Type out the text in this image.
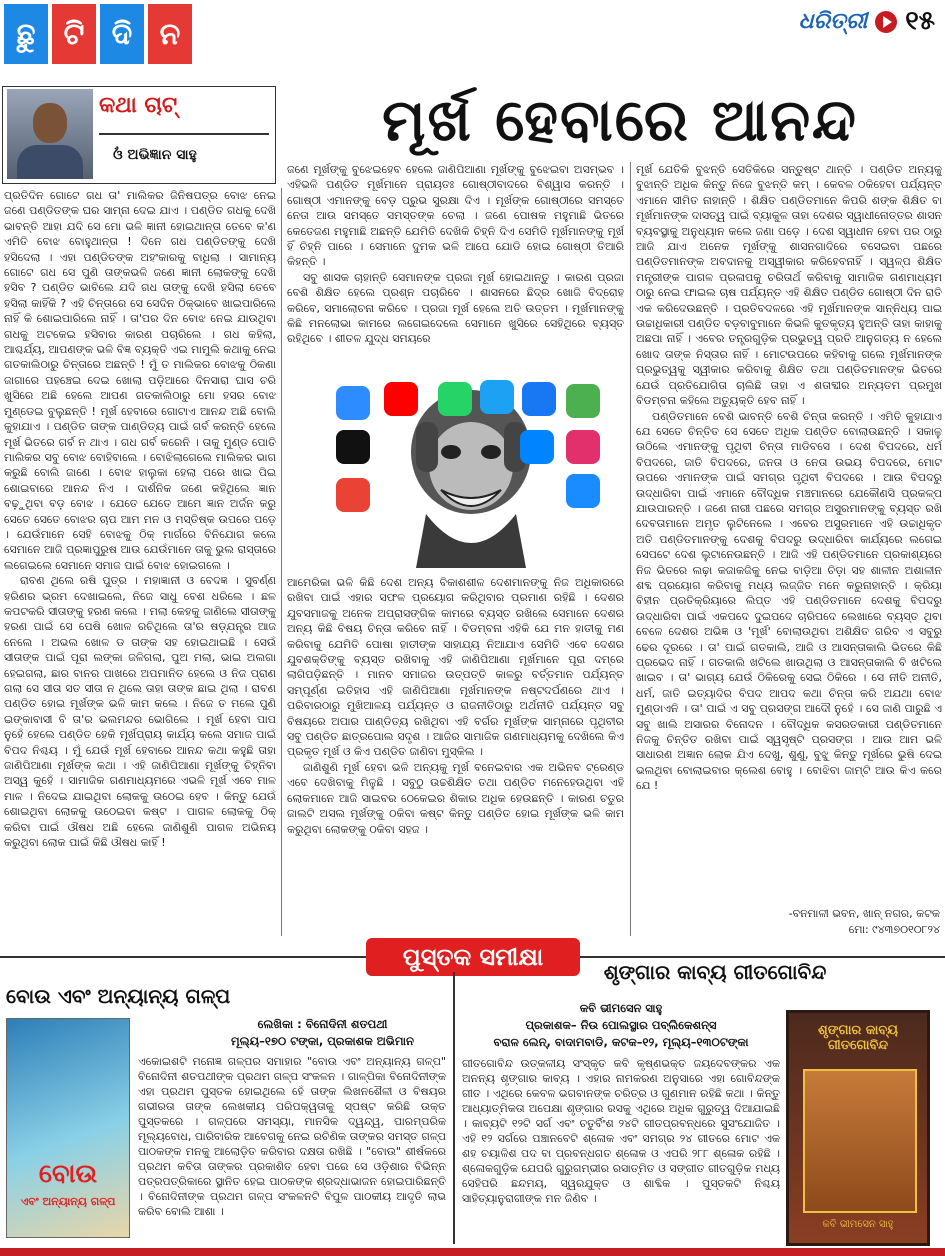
ଛୁ ଟି ଦି ନ	ଧରିତ୍ରୀ ୧୫
କଥା ଚାଟ୍
ଓଁ ଅଭିଜ୍ଞାନ ସାହୁ
ମୂର୍ଖ ହେବାରେ ଆନନ୍ଦ

ପ୍ରତିଦିନ ଗୋଟେ ଗଧ ତା' ମାଲିକର ଜିନିଷପତ୍ର ବୋଝ ନେଇ ଜଣେ ପଣ୍ଡିତଙ୍କ ଘର ସାମ୍ନା ଦେଇ ଯାଏ । ପଣ୍ଡିତ ଗଧକୁ ଦେଖି ଭାବନ୍ତି ଆହା ଯଦି ସେ ମୋ ଭଳି ଜ୍ଞାନୀ ହୋଇଥାନ୍ତା ତେବେ କ'ଣ ଏମିତି ବୋଝ ବୋହୁଥାନ୍ତା ! ଦିନେ ଗଧ ପଣ୍ଡିତଙ୍କୁ ଦେଖି ହସିଦେଲା । ଏହା ପଣ୍ଡିତଙ୍କ ଅହଂକାରକୁ ବାଧିଲା । ସାମାନ୍ୟ ଗୋଟେ ଗଧ ସେ ପୁଣି ତାଙ୍କଭଳି ଜଣେ ଜ୍ଞାନୀ ଲୋକଙ୍କୁ ଦେଖି ହସିବ ? ପଣ୍ଡିତ ଭାବିଲେ ଯଦି ଗଧ ତାଙ୍କୁ ଦେଖି ହସିଲା ତେବେ ହସିଲା କାହିଁକି ? ଏହି ଚିନ୍ତାରେ ସେ ସେଦିନ ଠିକ୍‌ଭାବେ ଖାଇପାରିଲେ ନାହିଁ କି ଶୋଇପାରିଲେ ନାହିଁ । ତା'ପର ଦିନ ବୋଝ ନେଇ ଯାଉଥିବା ଗଧକୁ ଅଟକେଇ ହସିବାର କାରଣ ପଚାରିଲେ । ଗଧ କହିଲା, ଆଶ୍ଚର୍ଯ୍ୟ, ଆପଣଙ୍କ ଭଳି ବିଜ୍ଞ ବ୍ୟକ୍ତି ଏଇ ମାମୁଲି କଥାକୁ ନେଇ ଗତକାଲିଠାରୁ ଚିନ୍ତାରେ ଅଛନ୍ତି ! ମୁଁ ତ ମାଲିକର ବୋଝକୁ ଠିକଣା ଜାଗାରେ ପହଞ୍ଚେଇ ଦେଇ ଖୋଲା ପଡ଼ିଆରେ ଦିନସାରା ଘାସ ଚରି ଖୁସିରେ ଅଛି ହେଲେ ଆପଣ ଗତକାଲିଠାରୁ ମୋ ହସର ବୋଝ ମୁଣ୍ଡେଇ ବୁଲୁଛନ୍ତି ! ମୂର୍ଖ ହେବାରେ ଗୋଟାଏ ଆନନ୍ଦ ଅଛି ବୋଲି କୁହାଯାଏ । ପଣ୍ଡିତ ତାଙ୍କ ପାଣ୍ଡିତ୍ୟ ପାଇଁ ଗର୍ବ କରନ୍ତି ହେଲେ ମୂର୍ଖ ଭିତରେ ଗର୍ବ ନ ଥାଏ । ଗଧ ଗର୍ବ କରେନି । ତାକୁ ମୁଣ୍ଡ ପୋତି ମାଲିକର ସବୁ ବୋଝ ବୋହିବାଲେ । ବୋଝିଲାଗେଲେ ମାଲିକର ଭାଗ କରୁଛି ବୋଲି ଜାଣେ । ବୋଝ ହାଲୁକା ହେଲା ପରେ ଖାଇ ପିଇ ଶୋଇବାରେ ଆନନ୍ଦ ନିଏ । ଦାର୍ଶନିକ ଜଣେ କହିଥିଲେ ଜ୍ଞାନ ବଢ଼ୁଥିବା ବଡ଼ ବୋଝ । ଯେତେ ଯେତେ ଆମେ ଜ୍ଞାନ ଅର୍ଜନ କରୁ ସେତେ ସେତେ ବୋଝର ଚାପ ଆମ ମନ ଓ ମସ୍ତିଷ୍କ ଉପରେ ପଡ଼େ । ଯେଉଁମାନେ ସେହି ବୋଝକୁ ଠିକ୍ ମାର୍ଗରେ ବିନିଯୋଗ କଲେ ସେମାନେ ଆଜି ପ୍ରଜ୍ଞାପୁରୁଷ ଆଉ ଯେଉଁମାନେ ତାକୁ ଭୁଲ ରାସ୍ତାରେ ଲଗେଇଲେ ସେମାନେ ସମାଜ ପାଇଁ ବୋଝ ହୋଇଗଲେ ।

ରାବଣ ଥିଲେ ରଷି ପୁତ୍ର । ମହାଜ୍ଞାନୀ ଓ ବେଦଜ୍ଞ । ସୁବର୍ଣ୍ଣ ହରିଣର ଭ୍ରମ ଦେଖାଇଲେ, ନିଜେ ସାଧୁ ବେଶ ଧରିଲେ । ଛଳ କପଟକରି ସୀତାଙ୍କୁ ହରଣ କଲେ । ମଲା କେହକୁ ଜାଣିଲେ ସୀତାଙ୍କୁ ହରଣ ପାଇଁ ସେ ପେଷି ଖୋଳ ରଚିଥିଲେ ତା'ର ଷଡ଼୍ଯନ୍ତ୍ର ଆଜ ନେଲେ । ଅଭଲ ଖୋଳ ଡ ତାଙ୍କ ସହ ହୋଇଥାଇଛି । ସେଉଁ ସୀତାଙ୍କ ପାଇଁ ପୂରା ଲଙ୍କା ଜଳିଗଲା, ପୁଅ ମଲା, ଭାଇ ଅଲଗା ହେଇଗଲା, ଛାର ବାନର ପାଖରେ ଅପମାନିତ ହେଲେ ଓ ନିଜ ପ୍ରାଣ ଗଲା ସେ ସୀତା ସତ ସୀତା ନ ଥିଲେ ତାହା ତାଙ୍କ ଛାଇ ଥିଲା । ରାବଣ ପଣ୍ଡିତ ହୋଇ ମୂର୍ଖଙ୍କ ଭଳି କାମ କଲେ । ନିଜେ ତ ମଲେ ପୁଣି ଇଙ୍କାବାସୀ ବି ତା'ର ଭଲମନ୍ଦର ଭୋଗିଲେ । ମୂର୍ଖ ହେବା ପାପ ନୁହେଁ ହେଲେ ପଣ୍ଡିତ ହେକି ମୂର୍ଖପ୍ରାୟ କାର୍ଯ୍ୟ କଲେ ସମାଜ ପାଇଁ ବିପଦ ନିଶ୍ଚୟ । ମୁଁ ଯେଉଁ ମୂର୍ଖ ହେବାରେ ଆନନ୍ଦ କଥା କହୁଛି ତାହା ଜାଣିପିଆଣା ମୂର୍ଖଙ୍କ କଥା । ଏହି ଜାଣିପିଆଣା ମୂର୍ଖଙ୍କୁ ଚିହ୍ନିବା ଅସ୍ୱ କୁହେଁ । ସାମାଜିକ ଗଣମାଧ୍ୟମରେ ଏଭଳି ମୂର୍ଖ ଏବେ ମାଳ ମାଳ । ନିଦେଇ ଯାଇଥିବା ଲୋକକୁ ଉଠେଇ ହେବ । କିନ୍ତୁ ଯେଉଁ ଶୋଇଥିବା ଲୋକକୁ ଉଠେଇବା କଷ୍ଟ । ପାଗଳ ଲୋକକୁ ଠିକ୍ କରିବା ପାଇଁ ଔଷଧ ଅଛି ହେଲେ ଜାଣିଶୁଣି ପାଗଳ ଅଭିନୟ କରୁଥିବା ଲୋକ ପାଇଁ କିଛି ଔଷଧ କାହିଁ !

ଜଣେ ମୂର୍ଖଙ୍କୁ ବୁଝେଇହେବ ହେଲେ ଜାଣିପିଆଣା ମୂର୍ଖଙ୍କୁ ବୁଝେଇବା ଅସମ୍ଭବ । ଏହିଭଳି ପଣ୍ଡିତ ମୂର୍ଖମାନେ ପ୍ରାୟତଃ ଗୋଷ୍ଠୀବାଦରେ ବିଶ୍ୱାସ କରନ୍ତି । ଗୋଷ୍ଠୀ ଏମାନଙ୍କୁ ବେଡ଼ ପ୍ରୁଭ ସୁରକ୍ଷା ଦିଏ । ମୂର୍ଖଙ୍କ ଗୋଷ୍ଠୀରେ ସମସ୍ତେ ନେତା ଆଉ ସମସ୍ତେ ସମସ୍ତଙ୍କ ଚେଲା । ଜଣେ ପୋଷକ ମହୁମାଛି ଭିତରେ କେତେଜଣ ମହୁମାଛି ଅଛନ୍ତି ଯେମିତି ଦେଖିକି ଚିହ୍ନି ଦିଏ ସେମିତି ମୂର୍ଖମାନଙ୍କୁ ମୂର୍ଖ ହିଁ ଚିହ୍ନି ପାରେ । ସେମାନେ ଦୁମକ ଭଳି ଆପେ ଯୋଡି ହୋଇ ଗୋଷ୍ଠୀ ତିଆରି କିହନ୍ତି ।

ସବୁ ଶାସକ ଚାହାନ୍ତି ସେମାନଙ୍କ ପ୍ରଜା ମୂର୍ଖ ହୋଇଥାନ୍ତୁ । କାରଣ ପ୍ରଜା ବେଶି ଶିକ୍ଷିତ ହେଲେ ପ୍ରଶ୍ନ ପଚାରିବେ । ଶାସନରେ ଛିଦ୍ର ଖୋଜି ବିଦ୍ରୋହ କରିବେ, ସମାଲୋଚନା କରିବେ । ପ୍ରଜା ମୂର୍ଖ ହେଲେ ଅତି ଉତ୍ତମ । ମୂର୍ଖମାନଙ୍କୁ କିଛି ମନଲୋଭା କାମରେ ଲଗେଇଦେଲେ ସେମାନେ ଖୁସିରେ ସେହିଥିରେ ବ୍ୟସ୍ତ ରହିଥିବେ । ଶୀତଳ ଯୁଦ୍ଧ ସମୟରେ

ଆମେରିକା ଭଳି କିଛି ଦେଶ ଅନ୍ୟ ବିକାଶଶୀଳ ଦେଶମାନଙ୍କୁ ନିଜ ଅଧିକାରରେ ରଖିବା ପାଇଁ ଏହାର ସଫଳ ପ୍ରୟୋଗ କରିଥିବାର ପ୍ରମାଣ ରହିଛି । ଦେଶର ଯୁବସମାଜକୁ ଅନେକ ଅପ୍ରାସଙ୍ଗିକ କାମରେ ବ୍ୟସ୍ତ ରଖିଲେ ସେମାନେ ଦେଶର ଅନ୍ୟ କିଛି ବିଷୟ ଚିନ୍ତା କରିବେ ନାହିଁ । ବିଡମ୍ବନା ଏହିକି ଯେ ମନ ହାତୀକୁ ମଣ କରିବାକୁ ଯେମିତି ପୋଷା ହାତୀଙ୍କ ସାହାଯ୍ୟ ନିଆଯାଏ ସେମିତି ଏବେ ଦେଶର ଯୁବଶକ୍ତିଙ୍କୁ ବ୍ୟସ୍ତ ରଖିବାକୁ ଏହି ଜାଣିପିଆଣା ମୂର୍ଖମାନେ ପୂରା ଦମ୍‌ରେ ଲାଗିପଡ଼ିଛନ୍ତି । ମାନବ ସମାଜର ଉତ୍ପତ୍ତି କାଳରୁ ବର୍ତ୍ତମାନ ପର୍ଯ୍ୟନ୍ତ ସମ୍ପୂର୍ଣ୍ଣ ଇତିହାସ ଏହି ଜାଣିପିଆଣା ମୂର୍ଖମାନଙ୍କ ନଷ୍ଟଦର୍ପଣରେ ଥାଏ । ପରିବାରଠାରୁ ମୁଖିଆଳୟ ପର୍ଯ୍ୟନ୍ତ ଓ ରାଜନୀତିଠାରୁ ଅର୍ଥନୀତି ପର୍ଯ୍ୟନ୍ତ ସବୁ ବିଷୟରେ ଅପାର ପାଣ୍ଡିତ୍ୟ ରଖିଥିବା ଏହି ବର୍ଗର ମୂର୍ଖଙ୍କ ସାମ୍ନାରେ ପୃଥିବୀର ସବୁ ପଣ୍ଡିତ ଛାତ୍ରପୋଲ ସଦୃଶ । ଆଜିର ସାମାଜିକ ଗଣମାଧ୍ୟମକୁ ଦେଖିଲେ କିଏ ପ୍ରକୃତ ମୂର୍ଖ ଓ କିଏ ପଣ୍ଡିତ ଜାଣିବା ମୁସ୍କିଲ ।

ଜାଣିଶୁଣି ମୂର୍ଖ ହେବା ଭଳି ଅନ୍ୟକୁ ମୂର୍ଖ ବନେଇବାର ଏକ ଅଭିନବ ଟ୍ରେଣ୍ଡ ଏବେ ଦେଖିବାକୁ ମିଳୁଛି । ସବୁଠୁ ଉଚ୍ଚଶିକ୍ଷିତ ତଥା ପଣ୍ଡିତ ମନେହେଉଥିବା ଏହି ଲୋକମାନେ ଆଜି ସାଇବର ଠେକେଇର ଶିକାର ଅଧିକ ହେଉଛନ୍ତି । କାରଣ ଚତୁର ଜାଲଟି ଅସଲ ମୂର୍ଖଙ୍କୁ ଠକିବା କଷ୍ଟ କିନ୍ତୁ ପଣ୍ଡିତ ହୋଇ ମୂର୍ଖଙ୍କ ଭଳି କାମ କରୁଥିବା ଲୋକଙ୍କୁ ଠକିବା ସହଜ ।

ମୂର୍ଖ ଯେତିକି ବୁଝନ୍ତି ସେତିକିରେ ସନ୍ତୁଷ୍ଟ ଥାନ୍ତି । ପଣ୍ଡିତ ଅନ୍ୟକୁ ବୁଝାନ୍ତି ଅଧିକ କିନ୍ତୁ ନିଜେ ବୁଝନ୍ତି କମ୍ । କେବଳ ଠକିହେବା ପର୍ଯ୍ୟନ୍ତ ଏମାନେ ସୀମିତ ନାହାନ୍ତି । ଶିକ୍ଷିତ ପଣ୍ଡିତମାନେ କିପରି ଶଙ୍କ ଶିକ୍ଷିତ ବା ମୂର୍ଖମାନଙ୍କ ଦାସତ୍ୱ ପାଇଁ ବ୍ୟାକୁଳ ତାହା ଦେଶର ସ୍ୱାଧୀନୋତ୍ତର ଶାସନ ବ୍ୟବସ୍ଥାକୁ ଅନୁଧ୍ୟାନ କଲେ ଜଣା ପଡ଼େ । ଦେଶ ସ୍ୱାଧୀନ ହେବା ପର ଠାରୁ ଆଜି ଯାଏ ଅନେକ ମୂର୍ଖଙ୍କୁ ଶାସନଗାଦିରେ ବସେଇବା ପଛରେ ପଣ୍ଡିତମାନଙ୍କ ଅବଦାନକୁ ଅସ୍ୱୀକାର କରିହେବନାହିଁ । ସ୍ୱଳ୍ପ ଶିକ୍ଷିତ ମନ୍ତ୍ରୀଙ୍କ ପାଗଳ ପ୍ରଳାପକୁ ଚରିତାର୍ଥ କରିବାକୁ ସାମାଜିକ ଗଣମାଧ୍ୟମ ଠାରୁ ନେଇ ଫାଇଲ ଚାଷ ପର୍ଯ୍ୟନ୍ତ ଏହି ଶିକ୍ଷିତ ପଣ୍ଡିତ ଗୋଷ୍ଠୀ ଦିନ ରାତି ଏକ କରିଦେଉଛନ୍ତି । ପ୍ରତିବଦଳରେ ଏହି ମୂର୍ଖମାନଙ୍କ ସାନ୍ନିଧ୍ୟ ପାଇ ଉଚ୍ଚାଧିକାରୀ ପଣ୍ଡିତ ବଡ଼ବାବୁମାନେ କିଭଳି କୁତକୃତ୍ୟ ହୁଅନ୍ତି ତାହା କାହାକୁ ଅଛପା ନାହିଁ । ଏବେର ତନ୍ତ୍ରଗୁଡ଼ିକ ପ୍ରଭୁତ୍ୱ ପ୍ରତି ଆନୁଗତ୍ୟ ନ ହେଲେ ଖୋଦ ତାଙ୍କ ନିସ୍ତାର ନାହିଁ । ମୋଟଉପରେ କହିବାକୁ ଗଲେ ମୂର୍ଖମାନଙ୍କ ପ୍ରଭୁତ୍ୱକୁ ସ୍ୱୀକାର କରିବାକୁ ଶିକ୍ଷିତ ତଥା ପଣ୍ଡିତମାନଙ୍କ ଭିତରେ ଯେଉଁ ପ୍ରତିଯୋଗିତା ଚାଲିଛି ତାହା ଏ ଶତାବ୍ଦୀର ଅନ୍ୟତମ ପ୍ରମୁଖ ବିଡମ୍ବନା କହିଲେ ଅତ୍ୟୁକ୍ତି ହେବ ନାହିଁ ।

ପଣ୍ଡିତମାନେ ବେଶି ଭାବନ୍ତି ବେଶି ଚିନ୍ତା କରନ୍ତି । ଏମିତି କୁହାଯାଏ ଯେ ସେତେ ଚିନ୍ତିତ ସେ ସେତେ ଅଧିକ ପଣ୍ଡିତ ବୋଲାଉଛନ୍ତି । ସକାଳୁ ଉଠିଲେ ଏମାନଙ୍କୁ ପୃଥିବୀ ଚିନ୍ତା ମାଡିବସେ । ଦେଶ ବିପଦରେ, ଧର୍ମ ବିପଦରେ, ଜାତି ବିପଦରେ, ଜନତା ଓ ନେତା ଉଭୟ ବିପଦରେ, ମୋଟ ଉପରେ ଏମାନଙ୍କ ପାଇଁ ସମଗ୍ର ପୃଥିବୀ ବିପଦରେ । ଆଉ ବିପଦରୁ ଉଦ୍ଧାରିବା ପାଇଁ ଏମାନେ ବୌଦ୍ଧିକ ମଞ୍ଚମାନରେ ଯେକୌଣସି ପ୍ରକଳ୍ପ ଯାଉପାରନ୍ତି । ଜଣେ ନାରୀ ପଛରେ ସମଗ୍ର ଅସୁରମାନଙ୍କୁ ବ୍ୟସ୍ତ ରଖି ଦେବତାମାନେ ଅମୃତ ଲୁଟିନେଲେ । ଏବେର ଅସୁରମାନେ ଏହି ଉଚ୍ଚାଧିକୃତ ଅତି ପଣ୍ଡିତମାନଙ୍କୁ ଦେଶକୁ ବିପଦରୁ ଉଦ୍ଧାରିବା କାର୍ଯ୍ୟରେ ଲଗେଇ ସେପଟେ ଦେଶ ଲୁଟାନେଉଛନ୍ତି । ଆଜି ଏହି ପଣ୍ଡିତମାନେ ପ୍ରକାଶ୍ୟରେ ନିଜ ଭିତରେ ଲଢ଼ା କଜାକଜିକୁ ନେଇ ବାଡ଼ିଆ ଚିଡ଼ା ସହ ଶାଳୀନ ଅଶାଳୀନ ଶବ୍ଦ ପ୍ରୟୋଗ କରିବାକୁ ମଧ୍ୟ ଲଜ୍ଜିତ ମନେ କରୁନାହାନ୍ତି । କ୍ରିୟା ବିହୀନ ପ୍ରତିକ୍ରିୟାରେ ଲିପ୍ତ ଏହି ପଣ୍ଡିତମାନେ ଦେଶକୁ ବିପଦରୁ ଉଦ୍ଧାରିବା ପାଇଁ ଏକପଦେ ଦୁଇପଦେ ଚାରିପଦେ ଲେଖାରେ ବ୍ୟସ୍ତ ଥିବା ବେଳେ ଦେଶର ଅଭିଜ୍ଞ ଓ 'ମୂର୍ଖ' ବୋଲାଉଥିବା ଅଶିକ୍ଷିତ ଗରିବ ଏ ସବୁରୁ ଢେର ଦୂରରେ । ତା' ପାଇଁ ଗତକାଲି, ଆଜି ଓ ଆସନ୍ତାକାଲି ଭିତରେ କିଛି ପ୍ରଭେଦ ନାହିଁ । ଗତକାଲି ଖଟିଲେ ଖାଉଥିଲା ଓ ଆସନ୍ତାକାଲି ବି ଖଟିଲେ ଖାଇବ । ତା' ଭାଗ୍ୟ ଯେଉଁ ଠିକିରେକୁ ସେଇ ଠିକିରେ । ସେ ନୀତି ଅନୀତି, ଧର୍ମ, ଜାତି ଇତ୍ୟାଦିର ବିପଦ ଆପଦ କଥା ଚିନ୍ତା କରି ଅଯଥା ବୋଝ ମୁଣ୍ଡାଏନି । ତା' ପାଇଁ ଏ ସବୁ ପ୍ରସଙ୍ଗ ଆଦୌ ନୁହେଁ । ସେ ଜାଣି ପାରୁଛି ଏ ସବୁ ଖାଲି ଅସାରର ବିନୋଦନ । ବୌଦ୍ଧିକ କସରତକାରୀ ପଣ୍ଡିତମାନେ ନିଜକୁ ଚିନ୍ତିତ ରଖିବା ପାଇଁ ସ୍ୱସୃଷ୍ଟି ପ୍ରସଙ୍ଗ । ଆଉ ଆମ ଭଳି ସାଧାରଣ ଅଜ୍ଞାନ ଲୋକ ଯିଏ ଦେଖୁ, ଶୁଣୁ, ବୁଝୁ କିନ୍ତୁ ମୂର୍ଖରେ ଭୁଷି ଦେଇ ଭଲଥିବା ବୋଲାଇବାର କ୍ଲେଶ ବୋହୁ । ବୋଝିବା ଜାମ୍‌ଟି ଆଉ କିଏ କରେ ଯେ !

-ବନମାଳୀ ଭବନ, ଖାନ୍ ନଗର, କଟକ
ମୋ: ୯୪୩୭୦୧୦୮୨୪
ପୁସ୍ତକ ସମୀକ୍ଷା
ବୋଉ ଏବଂ ଅନ୍ୟାନ୍ୟ ଗଳ୍ପ
ବୋଉ
ଏବଂ ଅନ୍ୟାନ୍ୟ ଗଳ୍ପ
ଲେଖିକା : ବିନୋଦିନୀ ଶତପଥୀ
ମୂଲ୍ୟ–୧୭୦ ଟଙ୍କା, ପ୍ରକାଶକ ଅଭିମାନ
ଏକୋଇଶଟି ମନୋଜ୍ଞ ଗଳ୍ପର ସମାହାର "ବୋଉ ଏବଂ ଅନ୍ୟାନ୍ୟ ଗଳ୍ପ" ବିନୋଦିନୀ ଶତପଥୀଙ୍କ ପ୍ରଥମ ଗଳ୍ପ ସଂକଳନ । ଗାଳ୍ପିକା ବିନୋଦିନୀଙ୍କ ଏହା ପ୍ରଥମ ପୁସ୍ତକ ହୋଇଥିଲେ ହେଁ ତାଙ୍କ ଲିଖନଶୈଳୀ ଓ ବିଷୟର ଗଭୀରତା ତାଙ୍କ ଲେଖକୀୟ ପରିପକ୍ୱତାକୁ ସ୍ପଷ୍ଟ କରିଛି ଉକ୍ତ ପୁସ୍ତକରେ । ଗଳ୍ପରେ ସମସ୍ୟା, ମାନସିକ ଦ୍ୱନ୍ଦ୍ୱ, ପାରମ୍ପରିକ ମୂଲ୍ୟବୋଧ, ପାରିବାରିକ ଆବେଗକୁ ନେଇ ରଚିଣିକ ତାଙ୍କର ସମସ୍ତ ଗଳ୍ପ ପାଠକଙ୍କ ମନକୁ ଆଲୋଡ଼ିତ କରିବାର ଦକ୍ଷତା ରଖିଛି । "ବୋଉ" ଶୀର୍ଷକରେ ପ୍ରଥମ କବିତା ତାଙ୍କର ପ୍ରକାଶିତ ହେବା ପରେ ସେ ଓଡ଼ିଶାର ବିଭିନ୍ନ ପତ୍ରପତ୍ରିକାରେ ସ୍ଥାନିତ ହେଇ ପାଠକଙ୍କ ଶ୍ରଦ୍ଧାଭାଜନ ହୋଇପାରିଛନ୍ତି । ବିନୋଦିନୀଙ୍କ ପ୍ରଥମ ଗଳ୍ପ ସଂକଳନଟି ବିପୁଳ ପାଠକୀୟ ଆଦୃତି ଲାଭ କରିବ ବୋଲି ଆଶା ।
ଶୃଙ୍ଗାର କାବ୍ୟ ଗୀତଗୋବିନ୍ଦ
କବି ଭୀମସେନ ସାହୁ
ପ୍ରକାଶକ– ନିଉ ପୋଲସ୍ଥାର ପବ୍ଲିକେଶନ୍ସ
ବରାଳ ଲେନ୍, ବାଦାମବାଡି, କଟକ–୧୨, ମୂଲ୍ୟ–୧୩୦ଟଙ୍କା
ଗୀତଗୋବିନ୍ଦ ଉତ୍କଳୀୟ ସଂସ୍କୃତ କବି କୃଷ୍ଣଭକ୍ତ ଜୟଦେବଙ୍କର ଏକ ଅନନ୍ୟ ଶୃଙ୍ଗାର କାବ୍ୟ । ଏହାର ନାମକରଣ ଅନୁସାରେ ଏହା ଗୋବିନ୍ଦଙ୍କ ଗୀତ । ଏଥିରେ କେବଳ ଭଗବାନଙ୍କ ଚରିତ୍ର ଓ ଗୁଣମାନ ରହିଛି କଥା । କିନ୍ତୁ ଆଧ୍ୟାତ୍ମିକତା ଅପେକ୍ଷା ଶୃଙ୍ଗାର ରସକୁ ଏଥିରେ ଅଧିକ ଗୁରୁତ୍ୱ ଦିଆଯାଇଛି । କାବ୍ୟଟି ୧୨ଟି ସର୍ଗ ଏବଂ ଚତୁର୍ବିଂଶ ୨୪ଟି ଗୀତପ୍ରବନ୍ଧରେ ସୁସଂଯୋଜିତ । ଏହି ୧୨ ସର୍ଗରେ ପଞ୍ଚାନବେଟି ଶ୍ଳୋକ ଏବଂ ସମଗ୍ର ୨୪ ଗୀତରେ ମୋଟ ଏକ ଶହ ଚୟାଳିଶ ପଦ ବା ପ୍ରବନ୍ଧଗତ ଶ୍ଳୋକ ଓ ଏପରି ୨୮୮ ଶ୍ଳୋକ ରହିଛି । ଶ୍ଳୋକଗୁଡ଼ିକ ଯେପରି ଗୁରୁଗମ୍ଭୀର ରସାତ୍ମିତ ଓ ସଙ୍ଗୀତ ଗୀତଗୁଡ଼ିକ ମଧ୍ୟ ସେହିପରି ଛନ୍ଦମୟ, ସ୍ୱରଯୁକ୍ତ ଓ ଶାବ୍ଦିକ । ପୁସ୍ତକଟି ନିଶ୍ଚୟ ସାହିତ୍ୟାନୁରାଗୀଙ୍କ ମନ ଜିଣିବ ।
ଶୃଙ୍ଗାର କାବ୍ୟ ଗୀତଗୋବିନ୍ଦ
କବି ଭୀମସେନ ସାହୁ
